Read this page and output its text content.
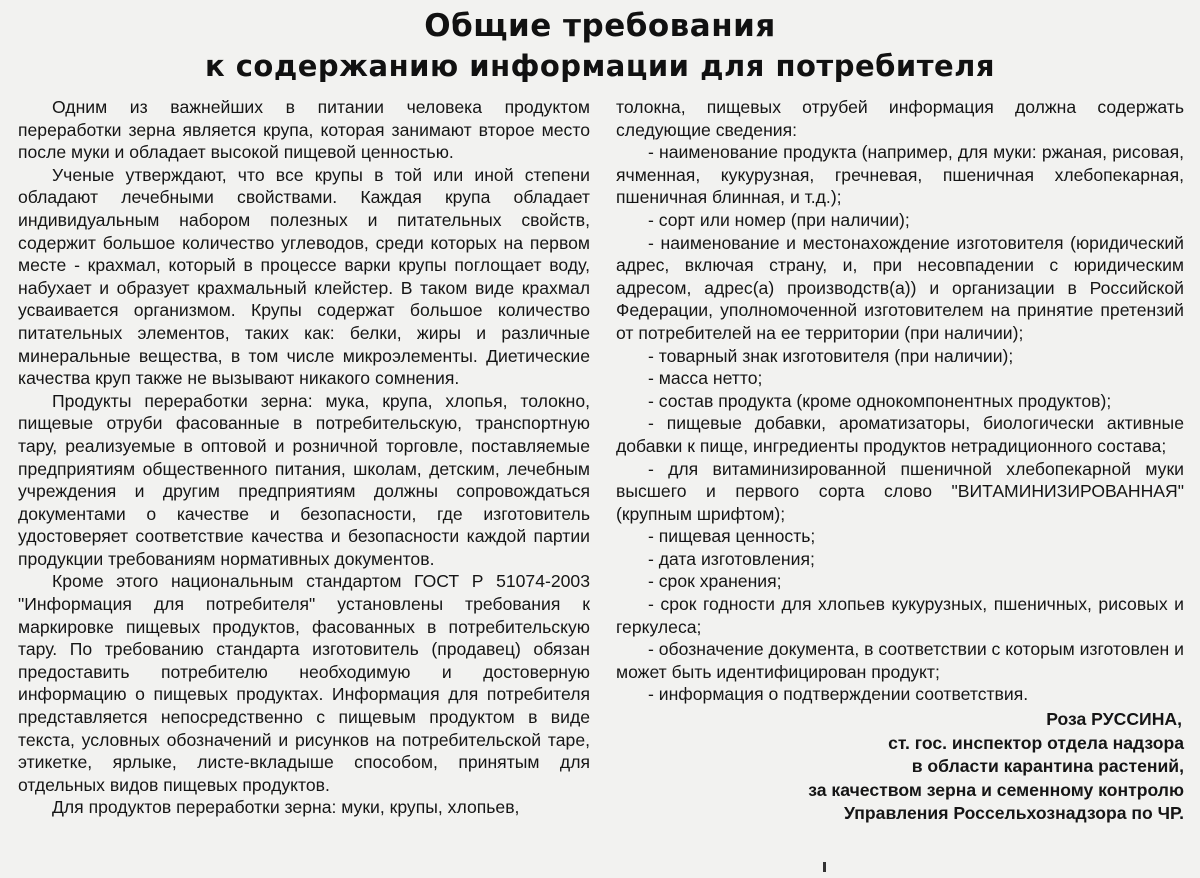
Общие требования
к содержанию информации для потребителя

Одним из важнейших в питании человека продуктом переработки зерна является крупа, которая занимают второе место после муки и обладает высокой пищевой ценностью.

Ученые утверждают, что все крупы в той или иной степени обладают лечебными свойствами. Каждая крупа обладает индивидуальным набором полезных и питательных свойств, содержит большое количество углеводов, среди которых на первом месте - крахмал, который в процессе варки крупы поглощает воду, набухает и образует крахмальный клейстер. В таком виде крахмал усваивается организмом. Крупы содержат большое количество питательных элементов, таких как: белки, жиры и различные минеральные вещества, в том числе микроэлементы. Диетические качества круп также не вызывают никакого сомнения.

Продукты переработки зерна: мука, крупа, хлопья, толокно, пищевые отруби фасованные в потребительскую, транспортную тару, реализуемые в оптовой и розничной торговле, поставляемые предприятиям общественного питания, школам, детским, лечебным учреждения и другим предприятиям должны сопровождаться документами о качестве и безопасности, где изготовитель удостоверяет соответствие качества и безопасности каждой партии продукции требованиям нормативных документов.

Кроме этого национальным стандартом ГОСТ Р 51074-2003 "Информация для потребителя" установлены требования к маркировке пищевых продуктов, фасованных в потребительскую тару. По требованию стандарта изготовитель (продавец) обязан предоставить потребителю необходимую и достоверную информацию о пищевых продуктах. Информация для потребителя представляется непосредственно с пищевым продуктом в виде текста, условных обозначений и рисунков на потребительской таре, этикетке, ярлыке, листе-вкладыше способом, принятым для отдельных видов пищевых продуктов.

Для продуктов переработки зерна: муки, крупы, хлопьев,

толокна, пищевых отрубей информация должна содержать следующие сведения:

- наименование продукта (например, для муки: ржаная, рисовая, ячменная, кукурузная, гречневая, пшеничная хлебопекарная, пшеничная блинная, и т.д.);

- сорт или номер (при наличии);

- наименование и местонахождение изготовителя (юридический адрес, включая страну, и, при несовпадении с юридическим адресом, адрес(а) производств(а)) и организации в Российской Федерации, уполномоченной изготовителем на принятие претензий от потребителей на ее территории (при наличии);

- товарный знак изготовителя (при наличии);

- масса нетто;

- состав продукта (кроме однокомпонентных продуктов);

- пищевые добавки, ароматизаторы, биологически активные добавки к пище, ингредиенты продуктов нетрадиционного состава;

- для витаминизированной пшеничной хлебопекарной муки высшего и первого сорта слово "ВИТАМИНИЗИРОВАННАЯ" (крупным шрифтом);

- пищевая ценность;

- дата изготовления;

- срок хранения;

- срок годности для хлопьев кукурузных, пшеничных, рисовых и геркулеса;

- обозначение документа, в соответствии с которым изготовлен и может быть идентифицирован продукт;

- информация о подтверждении соответствия.

Роза РУССИНА,
ст. гос. инспектор отдела надзора
в области карантина растений,
за качеством зерна и семенному контролю
Управления Россельхознадзора по ЧР.
